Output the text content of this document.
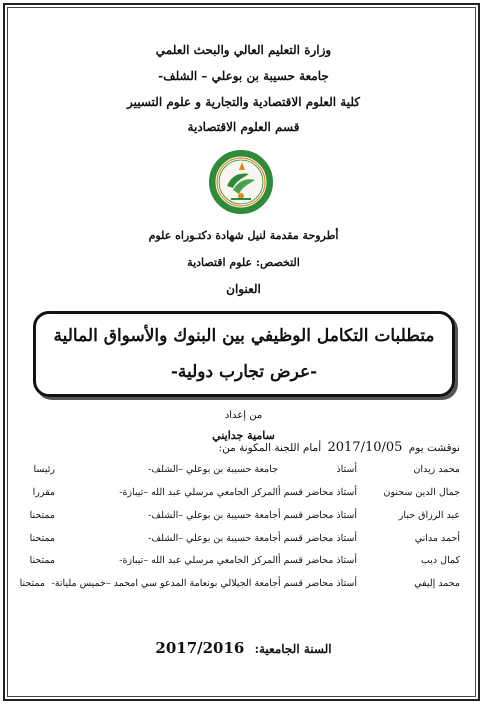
وزارة التعليم العالي والبحث العلمي
جامعة حسيبة بن بوعلي – الشلف-
كلية العلوم الاقتصادية والتجارية و علوم التسيير
قسم العلوم الاقتصادية
أطروحة مقدمة لنيل شهادة دكتـوراه علوم
التخصص: علوم اقتصادية
العنوان
متطلبات التكامل الوظيفي بين البنوك والأسواق المالية
-عرض تجارب دولية-
من إعداد
سامية جدايني
نوقشت يوم 2017/10/05 أمام اللجنة المكونة من:
محمد زيدان
أستاذ
جامعة حسيبة بن بوعلي –الشلف-
رئيسا
جمال الدين سحنون
أستاذ محاضر قسم أ
المركز الجامعي مرسلي عبد الله –تيبازة-
مقررا
عبد الرزاق حبار
أستاذ محاضر قسم أ
جامعة حسيبة بن بوعلي –الشلف-
ممتحنا
أحمد مداني
أستاذ محاضر قسم أ
جامعة حسيبة بن بوعلي –الشلف-
ممتحنا
كمال ديب
أستاذ محاضر قسم أ
المركز الجامعي مرسلي عبد الله –تيبازة-
ممتحنا
محمد إليفي
أستاذ محاضر قسم أ
جامعة الجيلالي بونعامة المدعو سي امحمد –خميس مليانة-
ممتحنا
السنة الجامعية: 2017/2016
